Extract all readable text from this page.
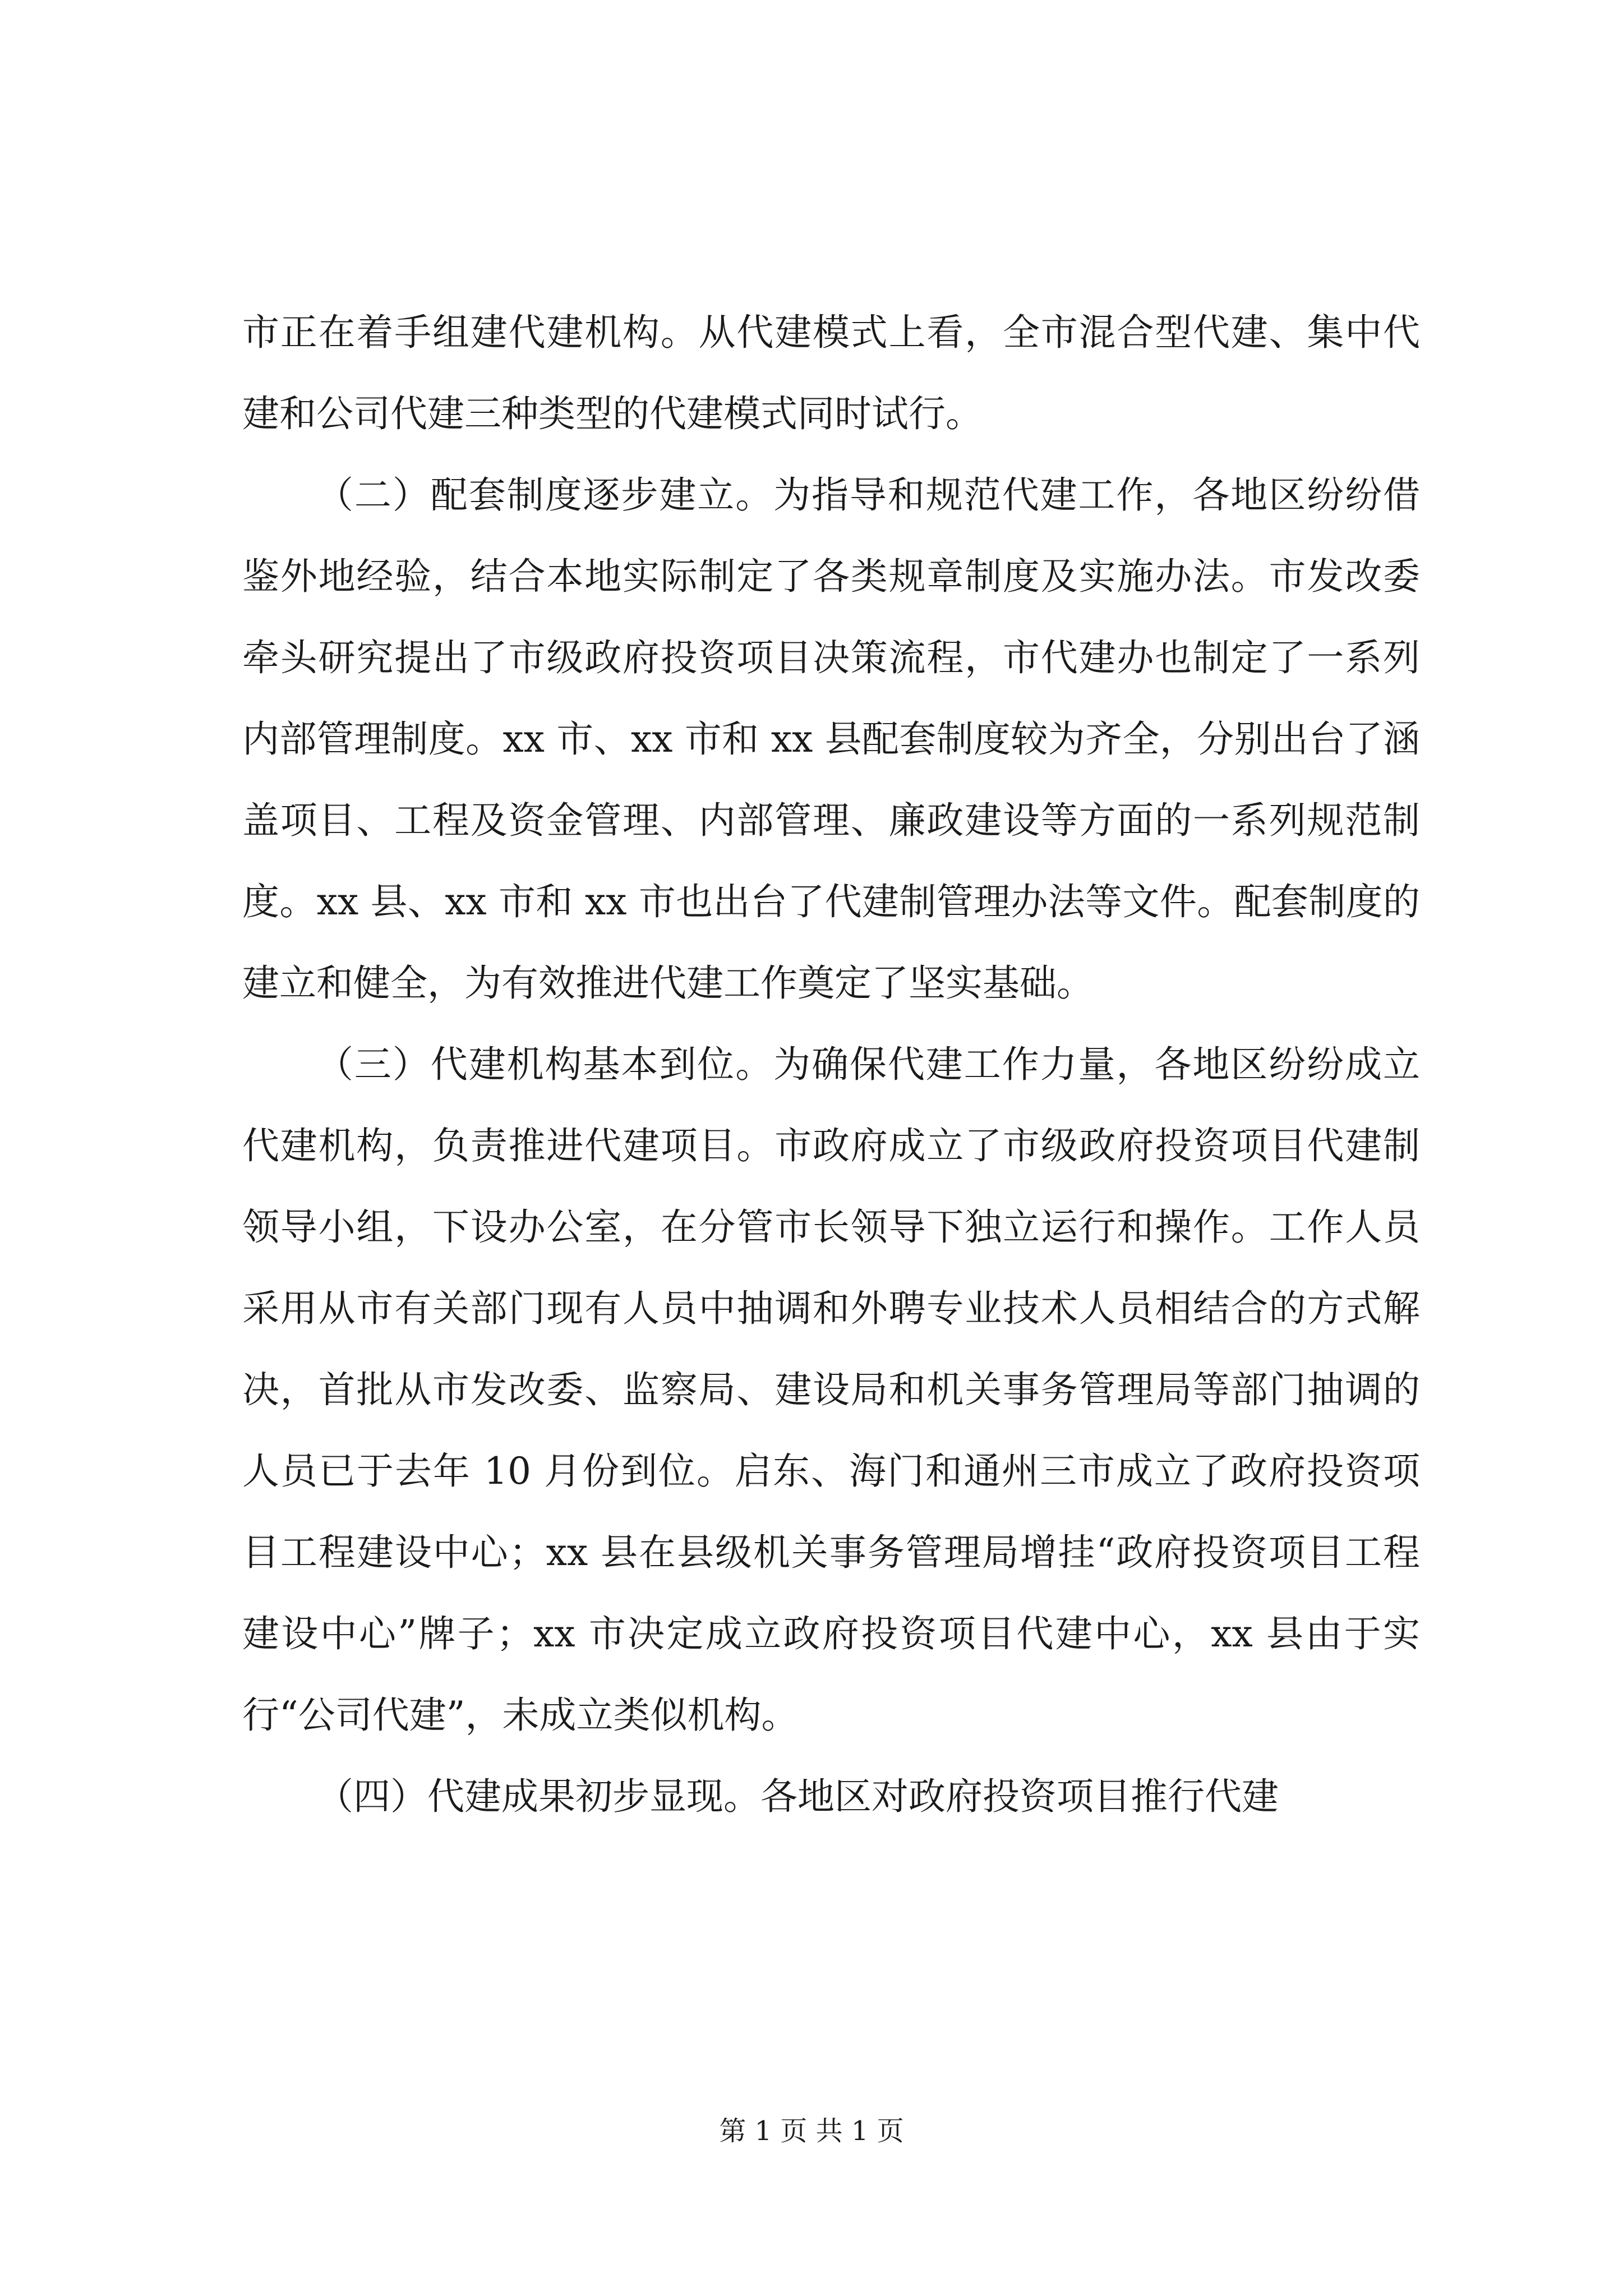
市正在着手组建代建机构。从代建模式上看，全市混合型代建、集中代建和公司代建三种类型的代建模式同时试行。

（二）配套制度逐步建立。为指导和规范代建工作，各地区纷纷借鉴外地经验，结合本地实际制定了各类规章制度及实施办法。市发改委牵头研究提出了市级政府投资项目决策流程，市代建办也制定了一系列内部管理制度。xx 市、xx 市和 xx 县配套制度较为齐全，分别出台了涵盖项目、工程及资金管理、内部管理、廉政建设等方面的一系列规范制度。xx 县、xx 市和 xx 市也出台了代建制管理办法等文件。配套制度的建立和健全，为有效推进代建工作奠定了坚实基础。

（三）代建机构基本到位。为确保代建工作力量，各地区纷纷成立代建机构，负责推进代建项目。市政府成立了市级政府投资项目代建制领导小组，下设办公室，在分管市长领导下独立运行和操作。工作人员采用从市有关部门现有人员中抽调和外聘专业技术人员相结合的方式解决，首批从市发改委、监察局、建设局和机关事务管理局等部门抽调的人员已于去年 10 月份到位。启东、海门和通州三市成立了政府投资项目工程建设中心；xx 县在县级机关事务管理局增挂“政府投资项目工程建设中心”牌子；xx 市决定成立政府投资项目代建中心，xx 县由于实行“公司代建”，未成立类似机构。

（四）代建成果初步显现。各地区对政府投资项目推行代建

第 1 页 共 1 页
